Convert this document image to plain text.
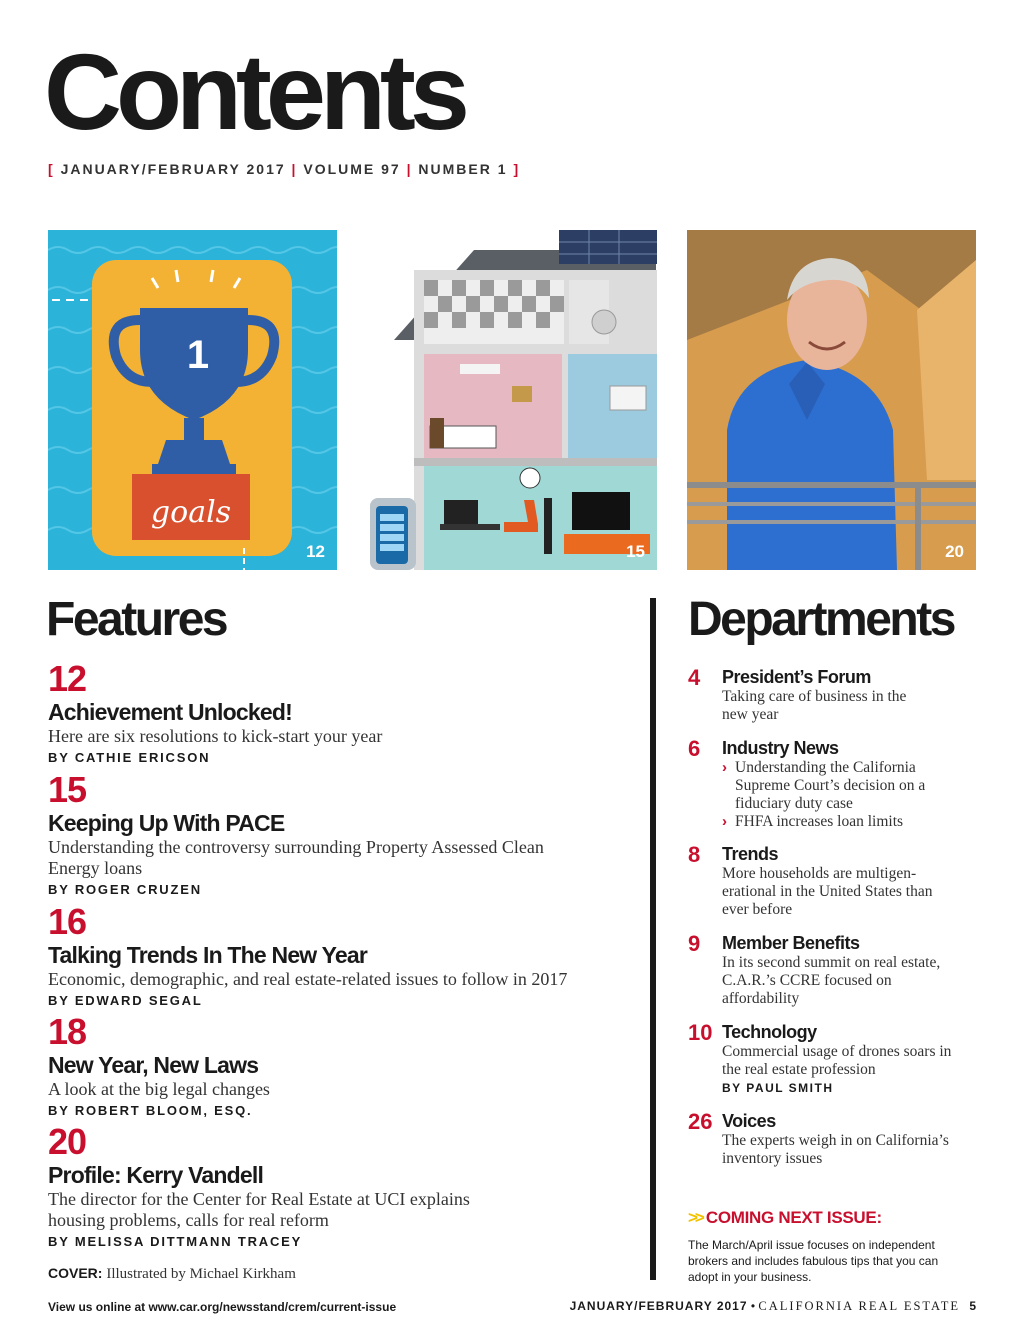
Contents
[ JANUARY/FEBRUARY 2017 | VOLUME 97 | NUMBER 1 ]
1
goals
12	15	20
Features	Departments
12
Achievement Unlocked!
Here are six resolutions to kick-start your year
BY CATHIE ERICSON
15
Keeping Up With PACE
Understanding the controversy surrounding Property Assessed Clean Energy loans
BY ROGER CRUZEN
16
Talking Trends In The New Year
Economic, demographic, and real estate-related issues to follow in 2017
BY EDWARD SEGAL
18
New Year, New Laws
A look at the big legal changes
BY ROBERT BLOOM, ESQ.
20
Profile: Kerry Vandell
The director for the Center for Real Estate at UCI explains housing problems, calls for real reform
BY MELISSA DITTMANN TRACEY
COVER: Illustrated by Michael Kirkham
4 President’s Forum
Taking care of business in the new year
6 Industry News
› Understanding the California Supreme Court’s decision on a fiduciary duty case
› FHFA increases loan limits
8 Trends
More households are multigen-erational in the United States than ever before
9 Member Benefits
In its second summit on real estate, C.A.R.’s CCRE focused on affordability
10 Technology
Commercial usage of drones soars in the real estate profession
BY PAUL SMITH
26 Voices
The experts weigh in on California’s inventory issues
>> COMING NEXT ISSUE:
The March/April issue focuses on independent brokers and includes fabulous tips that you can adopt in your business.
View us online at www.car.org/newsstand/crem/current-issue	JANUARY/FEBRUARY 2017 • CALIFORNIA REAL ESTATE 5
